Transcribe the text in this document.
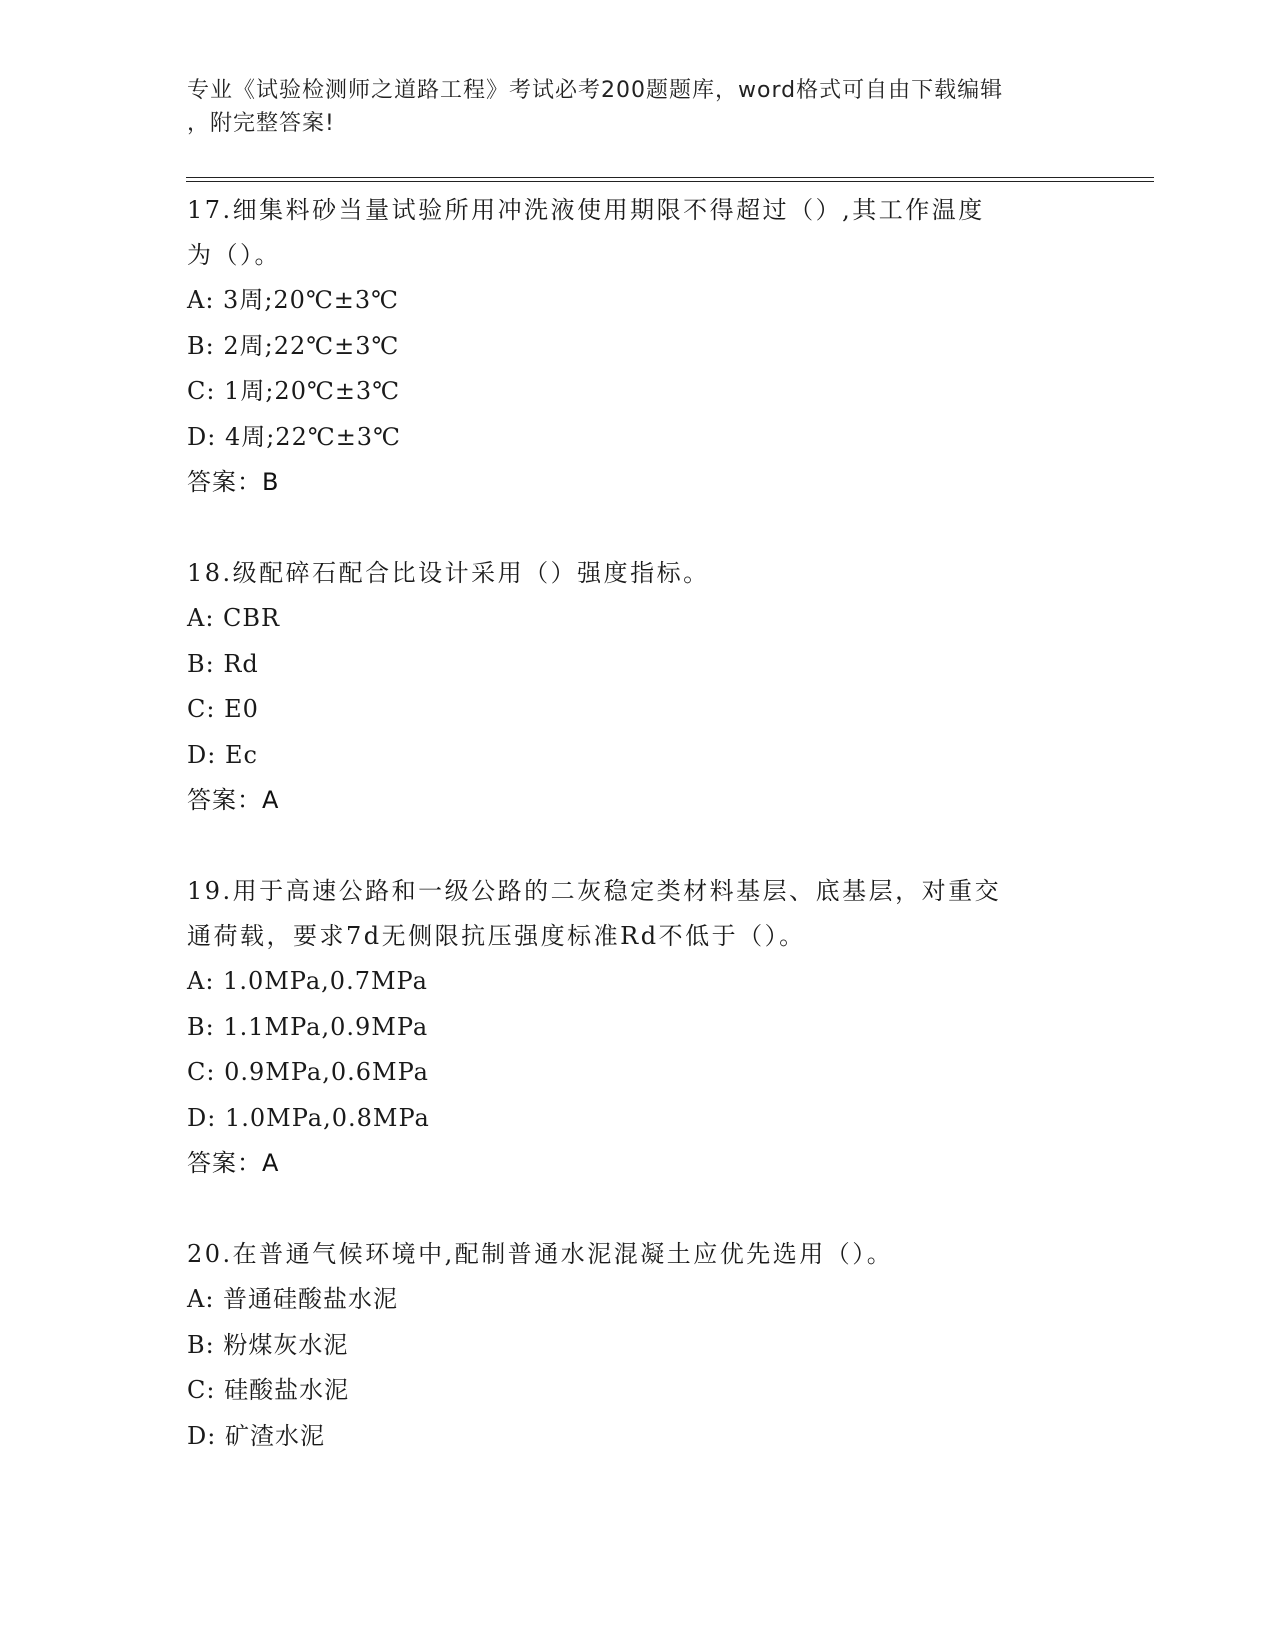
专业《试验检测师之道路工程》考试必考200题题库，word格式可自由下载编辑
，附完整答案!
17.细集料砂当量试验所用冲洗液使用期限不得超过（）,其工作温度
为（）。
A: 3周;20℃±3℃
B: 2周;22℃±3℃
C: 1周;20℃±3℃
D: 4周;22℃±3℃
答案：B
18.级配碎石配合比设计采用（）强度指标。
A: CBR
B: Rd
C: E0
D: Ec
答案：A
19.用于高速公路和一级公路的二灰稳定类材料基层、底基层，对重交
通荷载，要求7d无侧限抗压强度标准Rd不低于（）。
A: 1.0MPa,0.7MPa
B: 1.1MPa,0.9MPa
C: 0.9MPa,0.6MPa
D: 1.0MPa,0.8MPa
答案：A
20.在普通气候环境中,配制普通水泥混凝土应优先选用（）。
A: 普通硅酸盐水泥
B: 粉煤灰水泥
C: 硅酸盐水泥
D: 矿渣水泥
